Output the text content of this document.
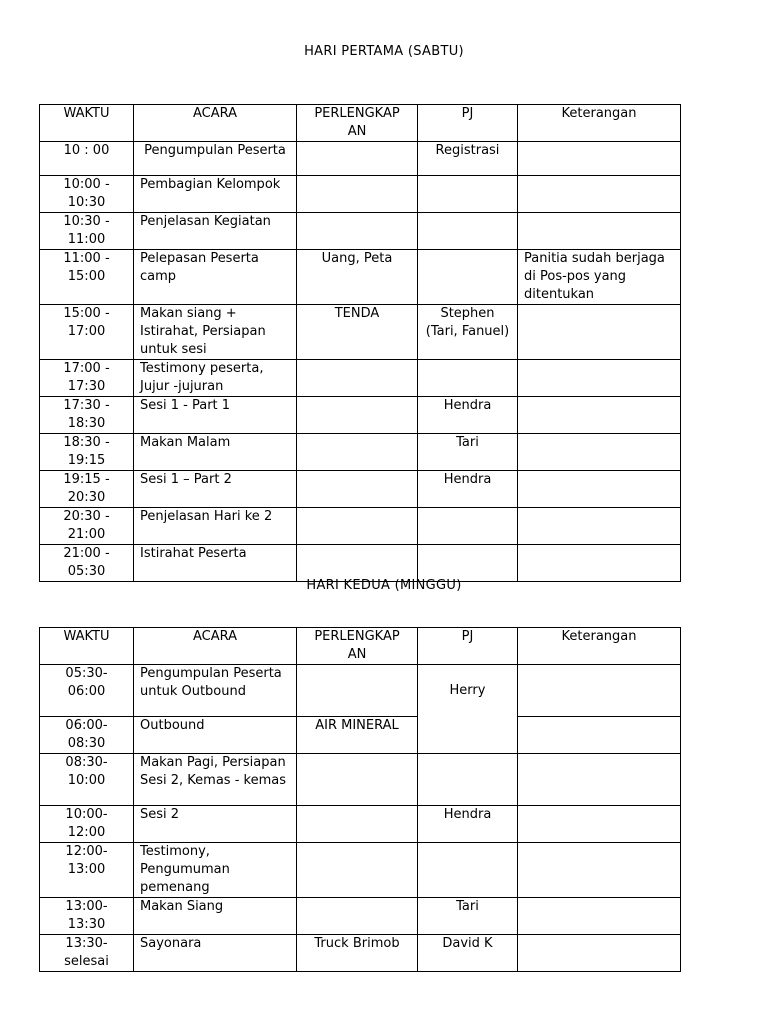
HARI PERTAMA (SABTU)
WAKTU	ACARA	PERLENGKAP AN	PJ	Keterangan
10 : 00	Pengumpulan Peserta		Registrasi	
10:00 - 10:30	Pembagian Kelompok			
10:30 - 11:00	Penjelasan Kegiatan			
11:00 - 15:00	Pelepasan Peserta camp	Uang, Peta		Panitia sudah berjaga di Pos-pos yang ditentukan
15:00 - 17:00	Makan siang + Istirahat, Persiapan untuk sesi	TENDA	Stephen (Tari, Fanuel)	
17:00 - 17:30	Testimony peserta, Jujur -jujuran			
17:30 - 18:30	Sesi 1 - Part 1		Hendra	
18:30 - 19:15	Makan Malam		Tari	
19:15 - 20:30	Sesi 1 – Part 2		Hendra	
20:30 - 21:00	Penjelasan Hari ke 2			
21:00 - 05:30	Istirahat Peserta			
HARI KEDUA (MINGGU)
WAKTU	ACARA	PERLENGKAP AN	PJ	Keterangan
05:30- 06:00	Pengumpulan Peserta untuk Outbound		Herry	
06:00- 08:30	Outbound	AIR MINERAL		
08:30- 10:00	Makan Pagi, Persiapan Sesi 2, Kemas - kemas			
10:00- 12:00	Sesi 2		Hendra	
12:00- 13:00	Testimony, Pengumuman pemenang			
13:00- 13:30	Makan Siang		Tari	
13:30- selesai	Sayonara	Truck Brimob	David K	
